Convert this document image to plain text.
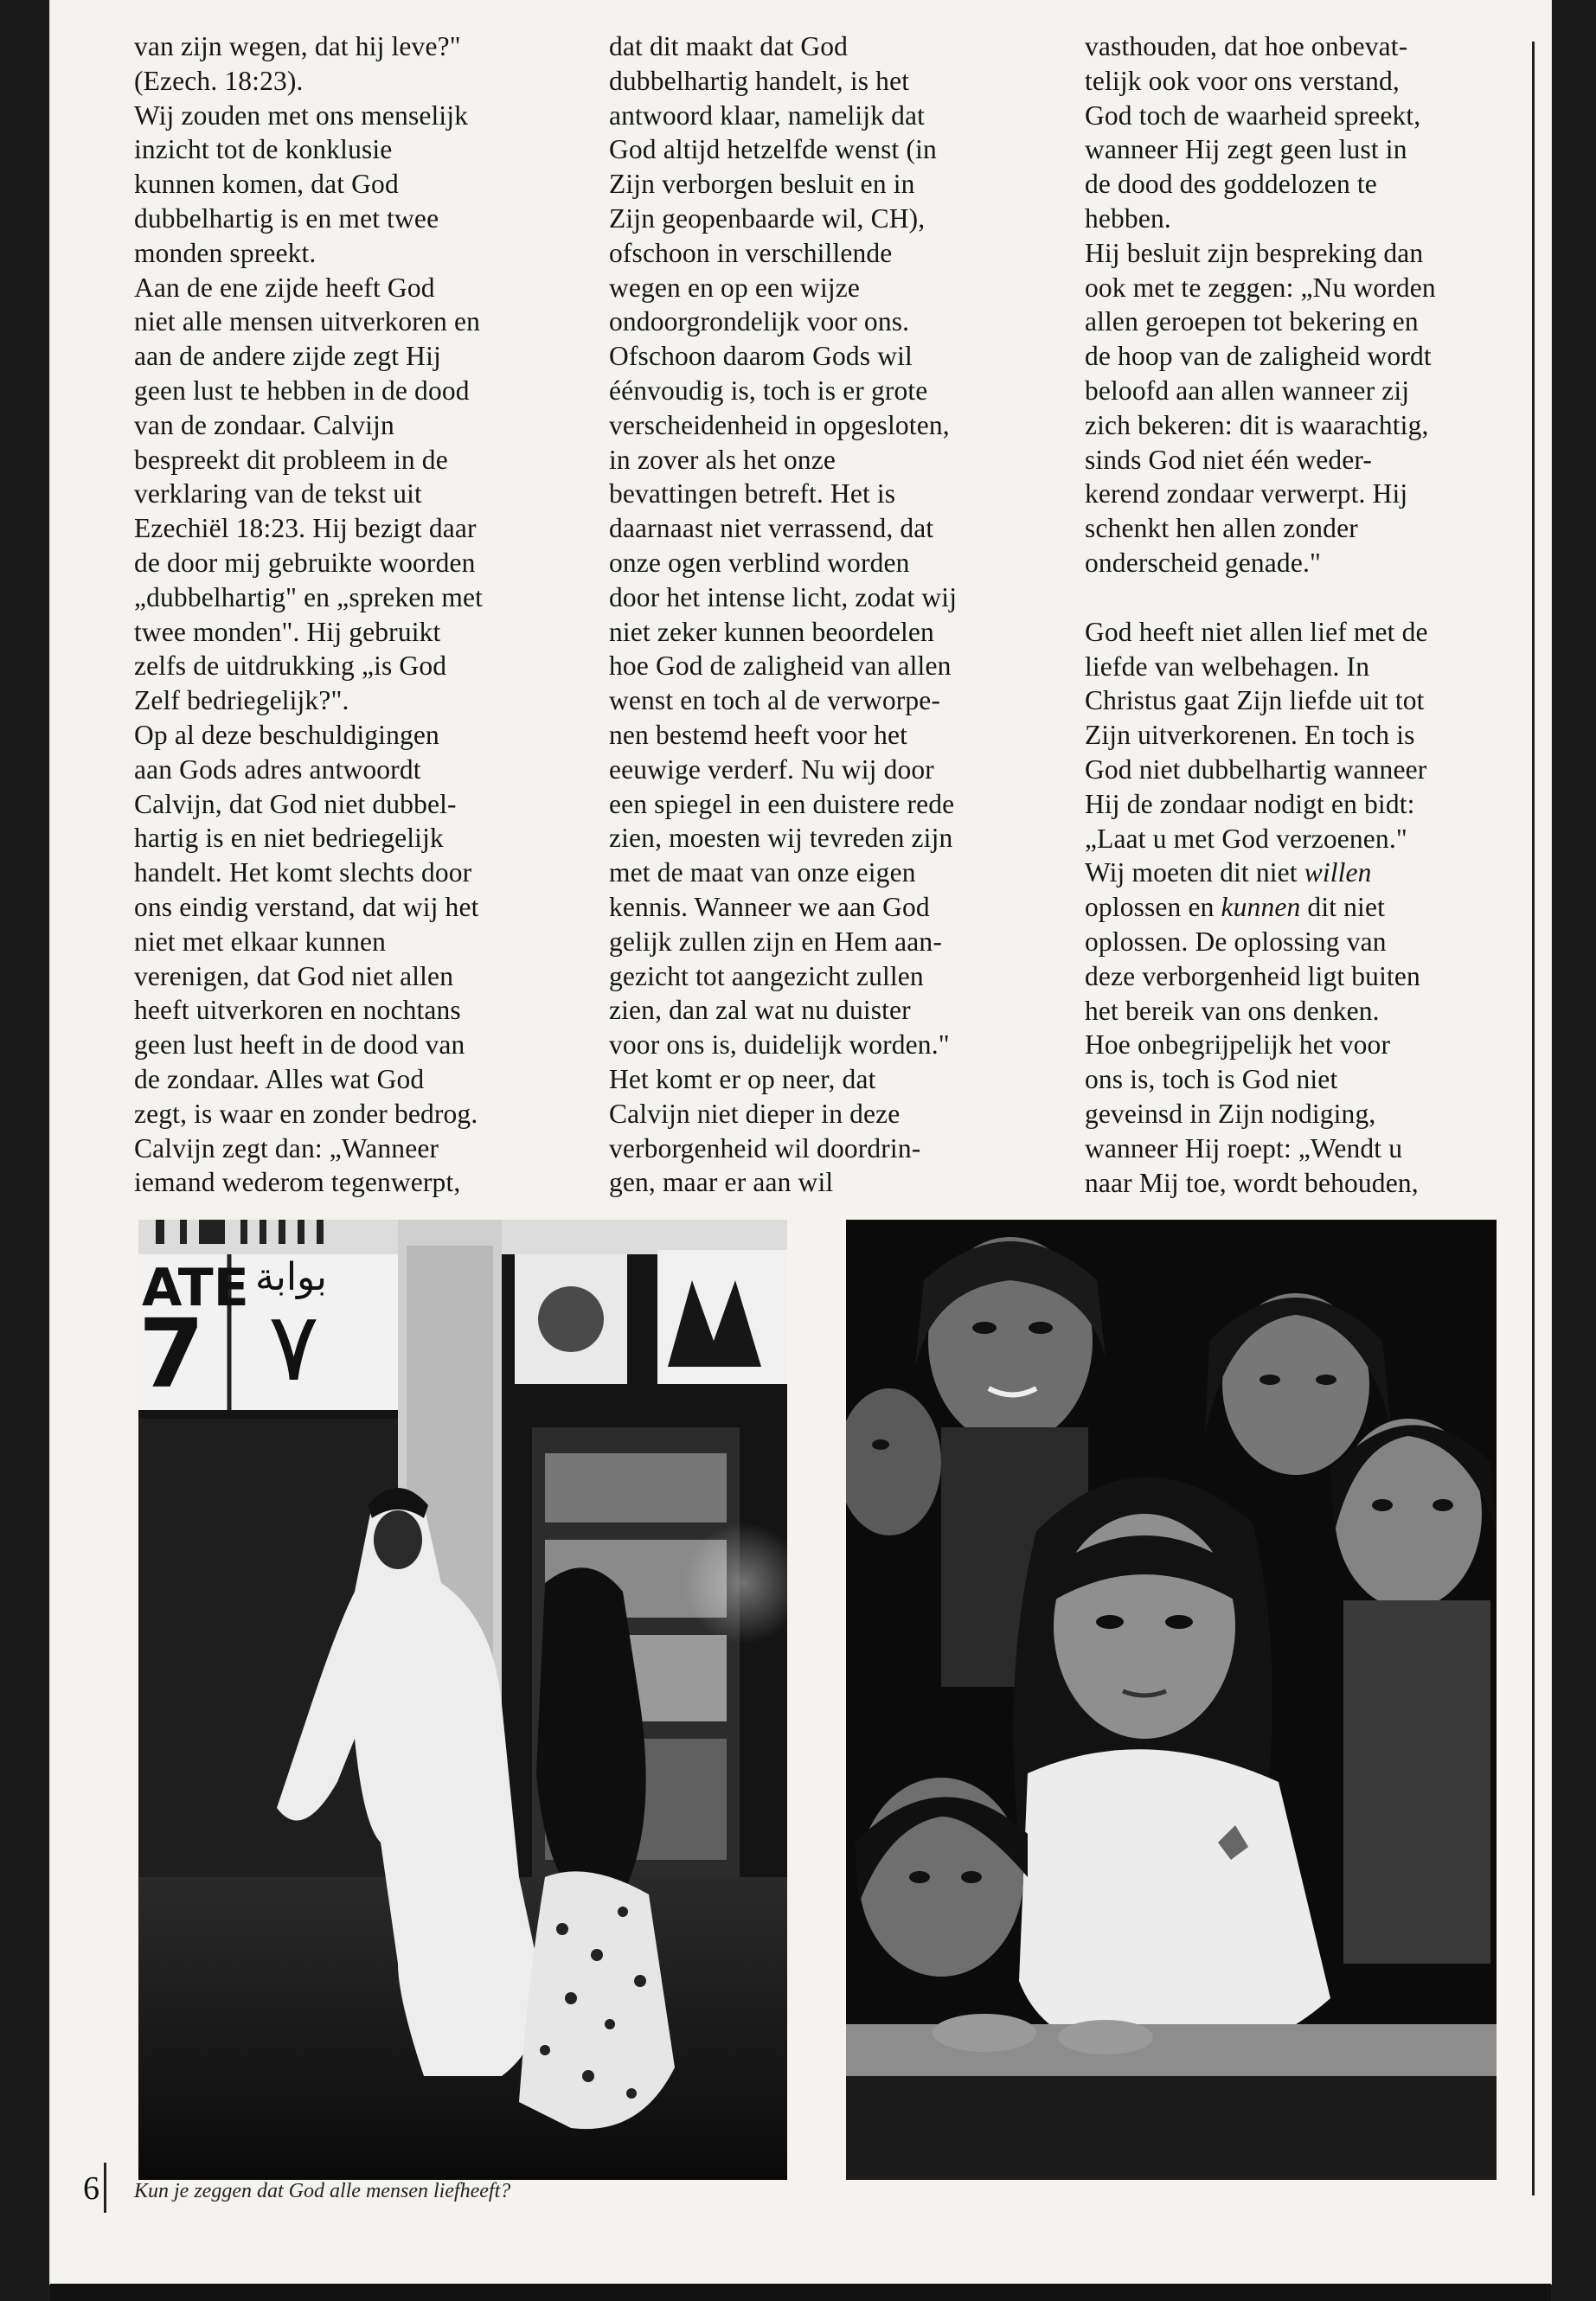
van zijn wegen, dat hij leve?"

(Ezech. 18:23).

Wij zouden met ons menselijk

inzicht tot de konklusie

kunnen komen, dat God

dubbelhartig is en met twee

monden spreekt.

Aan de ene zijde heeft God

niet alle mensen uitverkoren en

aan de andere zijde zegt Hij

geen lust te hebben in de dood

van de zondaar. Calvijn

bespreekt dit probleem in de

verklaring van de tekst uit

Ezechiël 18:23. Hij bezigt daar

de door mij gebruikte woorden

„dubbelhartig" en „spreken met

twee monden". Hij gebruikt

zelfs de uitdrukking „is God

Zelf bedriegelijk?".

Op al deze beschuldigingen

aan Gods adres antwoordt

Calvijn, dat God niet dubbel-

hartig is en niet bedriegelijk

handelt. Het komt slechts door

ons eindig verstand, dat wij het

niet met elkaar kunnen

verenigen, dat God niet allen

heeft uitverkoren en nochtans

geen lust heeft in de dood van

de zondaar. Alles wat God

zegt, is waar en zonder bedrog.

Calvijn zegt dan: „Wanneer

iemand wederom tegenwerpt,

dat dit maakt dat God

dubbelhartig handelt, is het

antwoord klaar, namelijk dat

God altijd hetzelfde wenst (in

Zijn verborgen besluit en in

Zijn geopenbaarde wil, CH),

ofschoon in verschillende

wegen en op een wijze

ondoorgrondelijk voor ons.

Ofschoon daarom Gods wil

éénvoudig is, toch is er grote

verscheidenheid in opgesloten,

in zover als het onze

bevattingen betreft. Het is

daarnaast niet verrassend, dat

onze ogen verblind worden

door het intense licht, zodat wij

niet zeker kunnen beoordelen

hoe God de zaligheid van allen

wenst en toch al de verworpe-

nen bestemd heeft voor het

eeuwige verderf. Nu wij door

een spiegel in een duistere rede

zien, moesten wij tevreden zijn

met de maat van onze eigen

kennis. Wanneer we aan God

gelijk zullen zijn en Hem aan-

gezicht tot aangezicht zullen

zien, dan zal wat nu duister

voor ons is, duidelijk worden."

Het komt er op neer, dat

Calvijn niet dieper in deze

verborgenheid wil doordrin-

gen, maar er aan wil

vasthouden, dat hoe onbevat-

telijk ook voor ons verstand,

God toch de waarheid spreekt,

wanneer Hij zegt geen lust in

de dood des goddelozen te

hebben.

Hij besluit zijn bespreking dan

ook met te zeggen: „Nu worden

allen geroepen tot bekering en

de hoop van de zaligheid wordt

beloofd aan allen wanneer zij

zich bekeren: dit is waarachtig,

sinds God niet één weder-

kerend zondaar verwerpt. Hij

schenkt hen allen zonder

onderscheid genade."

God heeft niet allen lief met de

liefde van welbehagen. In

Christus gaat Zijn liefde uit tot

Zijn uitverkorenen. En toch is

God niet dubbelhartig wanneer

Hij de zondaar nodigt en bidt:

„Laat u met God verzoenen."

Wij moeten dit niet willen

oplossen en kunnen dit niet

oplossen. De oplossing van

deze verborgenheid ligt buiten

het bereik van ons denken.

Hoe onbegrijpelijk het voor

ons is, toch is God niet

geveinsd in Zijn nodiging,

wanneer Hij roept: „Wendt u

naar Mij toe, wordt behouden,

ATE
7
بوابة
٧
6 Kun je zeggen dat God alle mensen liefheeft?
